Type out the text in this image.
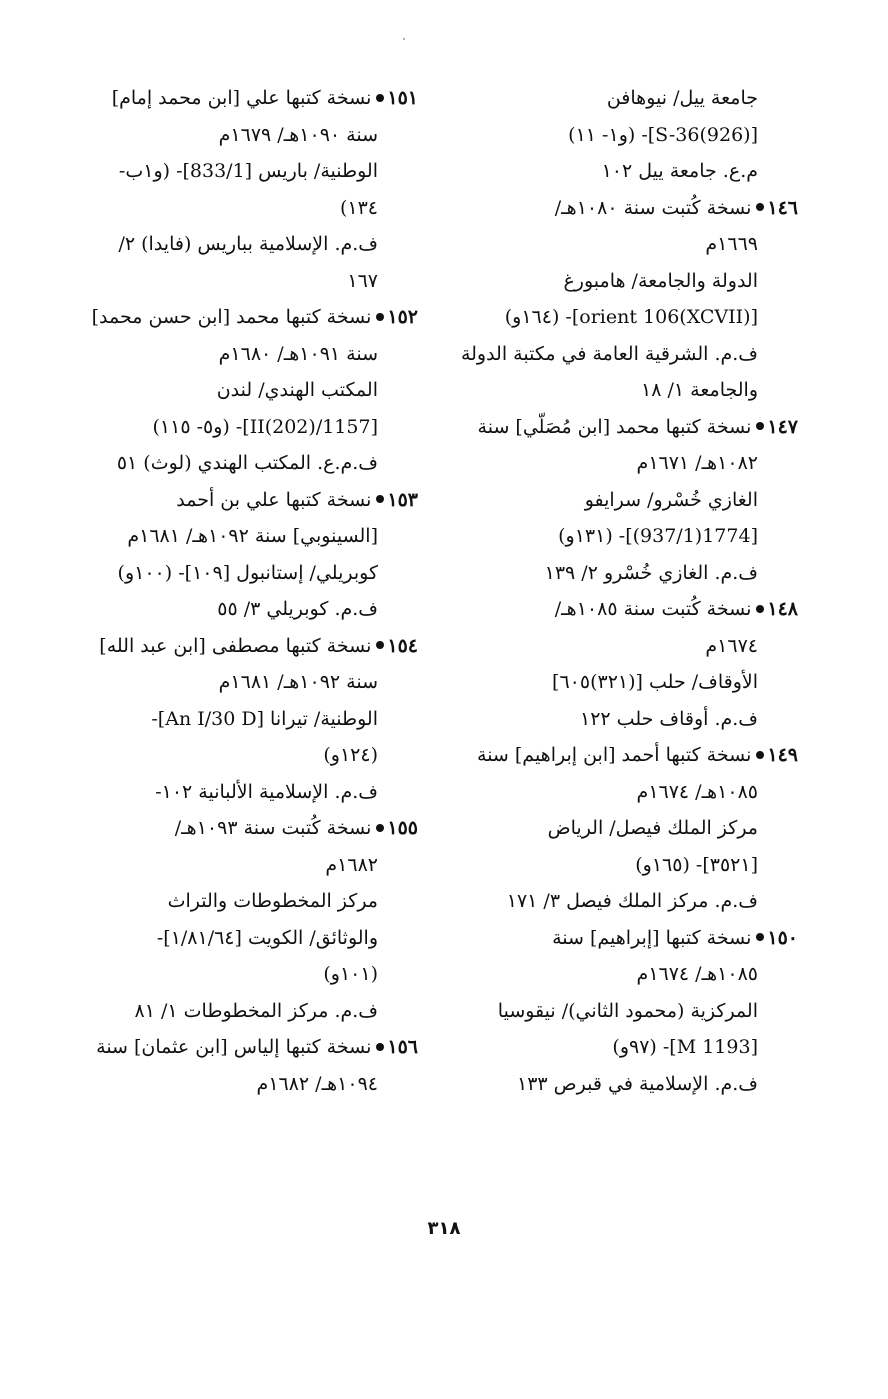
جامعة ييل/ نيوهافن
[S-36(926)]- (و١- ١١)
م.ع. جامعة ييل ١٠٢
١٤٦نسخة كُتبت سنة ١٠٨٠هـ/
١٦٦٩م
الدولة والجامعة/ هامبورغ
[orient 106(XCVII)]- (١٦٤و)
ف.م. الشرقية العامة في مكتبة الدولة
والجامعة ١/ ١٨
١٤٧نسخة كتبها محمد [ابن مُصَلّي] سنة
١٠٨٢هـ/ ١٦٧١م
الغازي خُسْرو/ سرايفو
[1774(937/1)]- (١٣١و)
ف.م. الغازي خُسْرو ٢/ ١٣٩
١٤٨نسخة كُتبت سنة ١٠٨٥هـ/
١٦٧٤م
الأوقاف/ حلب [(٣٢١)٦٠٥]
ف.م. أوقاف حلب ١٢٢
١٤٩نسخة كتبها أحمد [ابن إبراهيم] سنة
١٠٨٥هـ/ ١٦٧٤م
مركز الملك فيصل/ الرياض
[٣٥٢١]- (١٦٥و)
ف.م. مركز الملك فيصل ٣/ ١٧١
١٥٠نسخة كتبها [إبراهيم] سنة
١٠٨٥هـ/ ١٦٧٤م
المركزية (محمود الثاني)/ نيقوسيا
[M 1193]- (٩٧و)
ف.م. الإسلامية في قبرص ١٣٣
١٥١نسخة كتبها علي [ابن محمد إمام]
سنة ١٠٩٠هـ/ ١٦٧٩م
الوطنية/ باريس [833/1]- (و١ب-
١٣٤)
ف.م. الإسلامية بباريس (فايدا) ٢/
١٦٧
١٥٢نسخة كتبها محمد [ابن حسن محمد]
سنة ١٠٩١هـ/ ١٦٨٠م
المكتب الهندي/ لندن
[1157/II(202)]- (و٥- ١١٥)
ف.م.ع. المكتب الهندي (لوث) ٥١
١٥٣نسخة كتبها علي بن أحمد
[السينوبي] سنة ١٠٩٢هـ/ ١٦٨١م
كوبريلي/ إستانبول [١٠٩]- (١٠٠و)
ف.م. كوبريلي ٣/ ٥٥
١٥٤نسخة كتبها مصطفى [ابن عبد الله]
سنة ١٠٩٢هـ/ ١٦٨١م
الوطنية/ تيرانا [An I/30 D]-
(١٢٤و)
ف.م. الإسلامية الألبانية ١٠٢-
١٥٥نسخة كُتبت سنة ١٠٩٣هـ/
١٦٨٢م
مركز المخطوطات والتراث
والوثائق/ الكويت [١/٨١/٦٤]-
(١٠١و)
ف.م. مركز المخطوطات ١/ ٨١
١٥٦نسخة كتبها إلياس [ابن عثمان] سنة
١٠٩٤هـ/ ١٦٨٢م
٣١٨
